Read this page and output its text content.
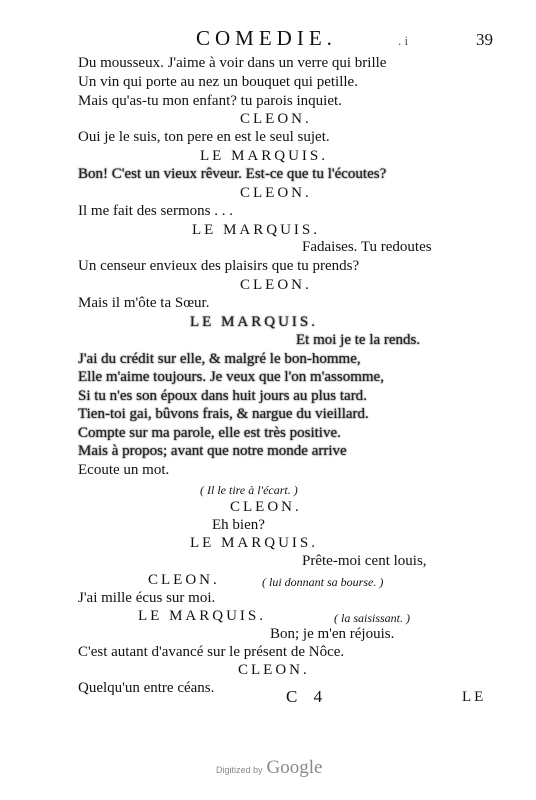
COMEDIE.	. i	39
Du mousseux. J'aime à voir dans un verre qui brille
Un vin qui porte au nez un bouquet qui petille.
Mais qu'as-tu mon enfant? tu parois inquiet.
CLEON.
Oui je le suis, ton pere en est le seul sujet.
LE MARQUIS.
Bon! C'est un vieux rêveur. Est-ce que tu l'écoutes?
CLEON.
Il me fait des sermons . . .
LE MARQUIS.
Fadaises. Tu redoutes
Un censeur envieux des plaisirs que tu prends?
CLEON.
Mais il m'ôte ta Sœur.
LE MARQUIS.
Et moi je te la rends.
J'ai du crédit sur elle, & malgré le bon-homme,
Elle m'aime toujours. Je veux que l'on m'assomme,
Si tu n'es son époux dans huit jours au plus tard.
Tien-toi gai, bûvons frais, & nargue du vieillard.
Compte sur ma parole, elle est très positive.
Mais à propos; avant que notre monde arrive
Ecoute un mot.
( Il le tire à l'écart. )
CLEON.
Eh bien?
LE MARQUIS.
Prête-moi cent louis,
CLEON.	( lui donnant sa bourse. )
J'ai mille écus sur moi.
LE MARQUIS.	( la saisissant. )
Bon; je m'en réjouis.
C'est autant d'avancé sur le présent de Nôce.
CLEON.
Quelqu'un entre céans.	C 4	LE
Digitized by Google
